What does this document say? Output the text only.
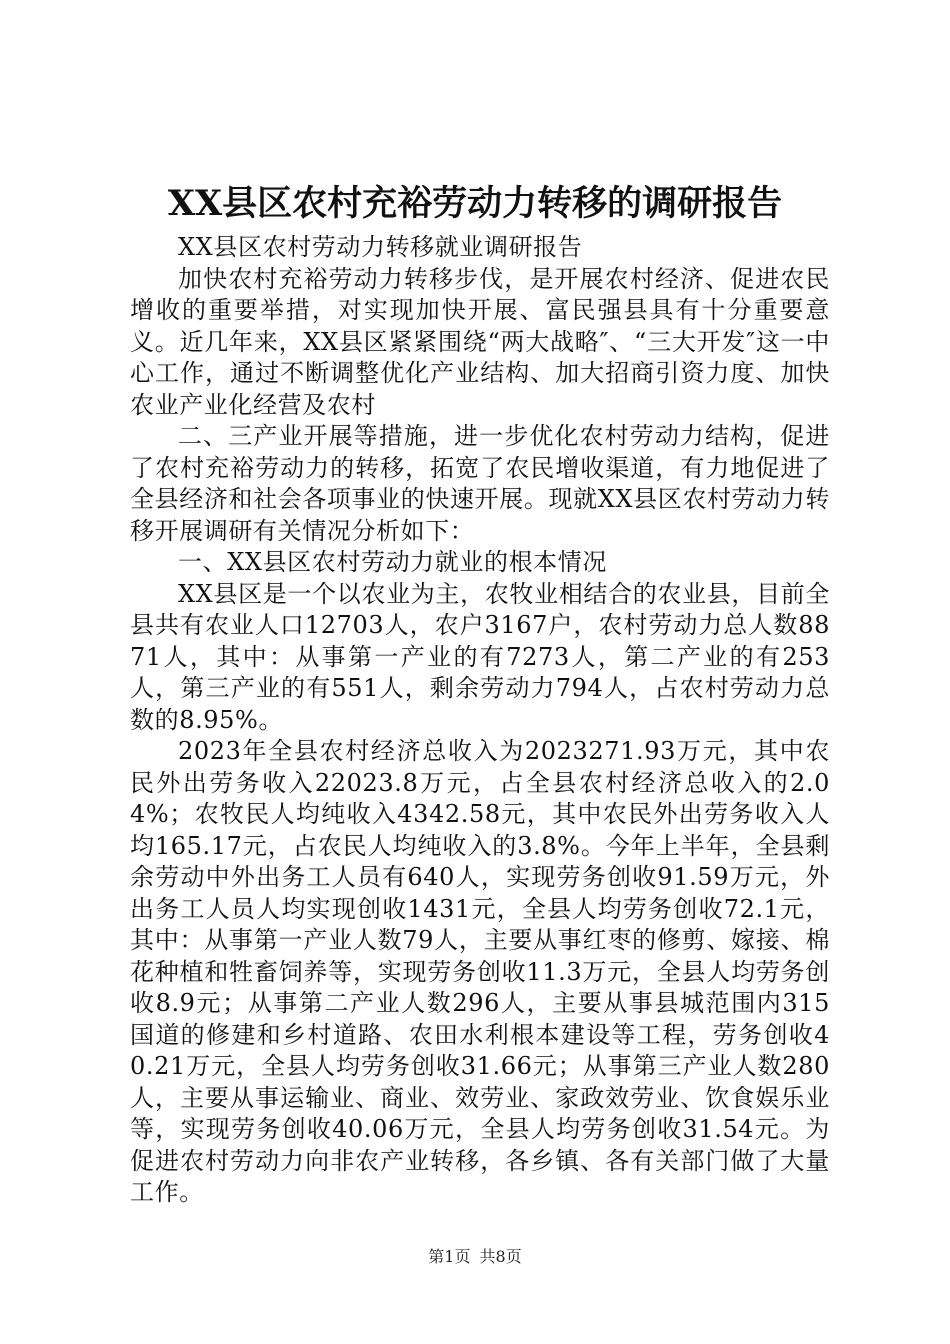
XX县区农村充裕劳动力转移的调研报告

XX县区农村劳动力转移就业调研报告

加快农村充裕劳动力转移步伐，是开展农村经济、促进农民增收的重要举措，对实现加快开展、富民强县具有十分重要意义。近几年来，XX县区紧紧围绕“两大战略″、“三大开发″这一中心工作，通过不断调整优化产业结构、加大招商引资力度、加快农业产业化经营及农村

二、三产业开展等措施，进一步优化农村劳动力结构，促进了农村充裕劳动力的转移，拓宽了农民增收渠道，有力地促进了全县经济和社会各项事业的快速开展。现就XX县区农村劳动力转移开展调研有关情况分析如下：

一、XX县区农村劳动力就业的根本情况

XX县区是一个以农业为主，农牧业相结合的农业县，目前全县共有农业人口12703人，农户3167户，农村劳动力总人数8871人，其中：从事第一产业的有7273人，第二产业的有253人，第三产业的有551人，剩余劳动力794人，占农村劳动力总数的8.95%。

2023年全县农村经济总收入为2023271.93万元，其中农民外出劳务收入22023.8万元，占全县农村经济总收入的2.04%；农牧民人均纯收入4342.58元，其中农民外出劳务收入人均165.17元，占农民人均纯收入的3.8%。今年上半年，全县剩余劳动中外出务工人员有640人，实现劳务创收91.59万元，外出务工人员人均实现创收1431元，全县人均劳务创收72.1元，其中：从事第一产业人数79人，主要从事红枣的修剪、嫁接、棉花种植和牲畜饲养等，实现劳务创收11.3万元，全县人均劳务创收8.9元；从事第二产业人数296人，主要从事县城范围内315国道的修建和乡村道路、农田水利根本建设等工程，劳务创收40.21万元，全县人均劳务创收31.66元；从事第三产业人数280人，主要从事运输业、商业、效劳业、家政效劳业、饮食娱乐业等，实现劳务创收40.06万元，全县人均劳务创收31.54元。为促进农村劳动力向非农产业转移，各乡镇、各有关部门做了大量工作。

第1页 共8页
